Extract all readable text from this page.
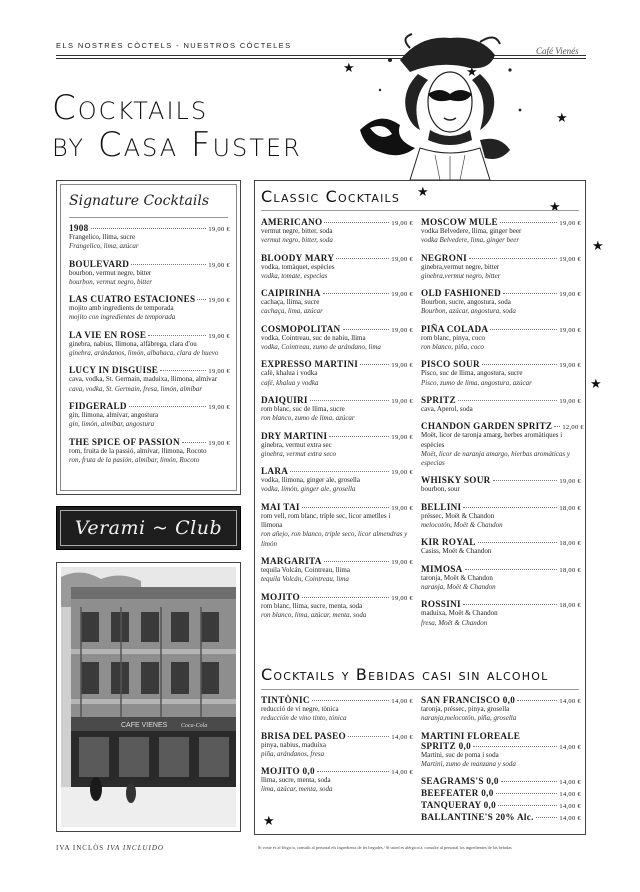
ELS NOSTRES CÒCTELS - NUESTROS CÓCTELES
Café Vienés
Cocktails
by Casa Fuster
★	★
★
★
★
★
★
★
Signature Cocktails
1908	19,00 €
Frangelico, llima, sucre
Frangelico, lima, azúcar
BOULEVARD	19,00 €
bourbon, vermut negre, bitter
bourbon, vermut negro, bitter
LAS CUATRO ESTACIONES 19,00 €
mojito amb ingredients de temporada
mojito con ingredientes de temporada
LA VIE EN ROSE	19,00 €
ginebra, nabius, llimona, alfàbrega, clara d'ou
ginebra, arándanos, limón, albahaca, clara de huevo
LUCY IN DISGUISE	19,00 €
cava, vodka, St. Germain, maduixa, llimona, almívar
cava, vodka, St. Germain, fresa, limón, almíbar
FIDGERALD	19,00 €
gin, llimona, almívar, angostura
gin, limón, almíbar, angostura
THE SPICE OF PASSION	19,00 €
rom, fruita de la passió, almívar, llimona, Rocoto
ron, fruta de la pasión, almíbar, limón, Rocoto
Verami ~ Club
CAFE VIENES Coca-Cola
Classic Cocktails
AMERICANO	19,00 €
vermut negre, bitter, soda
vermut negro, bitter, soda
BLOODY MARY	19,00 €
vodka, tomàquet, espècies
vodka, tomate, especias
CAIPIRINHA	19,00 €
cachaça, llima, sucre
cachaça, lima, azúcar
COSMOPOLITAN	19,00 €
vodka, Cointreau, suc de nabiu, llima
vodka, Cointreau, zumo de arándano, lima
EXPRESSO MARTINI	19,00 €
cafè, khalua i vodka
café, khalua y vodka
DAIQUIRI	19,00 €
rom blanc, suc de llima, sucre
ron blanco, zumo de lima, azúcar
DRY MARTINI	19,00 €
ginebra, vermut extra sec
ginebra, vermut extra seco
LARA	19,00 €
vodka, llimona, ginger ale, grosella
vodka, limón, ginger ale, grosella
MAI TAI	19,00 €
rom vell, rom blanc, triple sec, licor ametlles i llimona
ron añejo, ron blanco, triple seco, licor almendras y limón
MARGARITA	19,00 €
tequila Volcán, Cointreau, llima
tequila Volcán, Cointreau, lima
MOJITO	19,00 €
rom blanc, llima, sucre, menta, soda
ron blanco, lima, azúcar, menta, soda
MOSCOW MULE	19,00 €
vodka Belvedere, llima, ginger beer
vodka Belvedere, lima, ginger beer
NEGRONI	19,00 €
ginebra,vermut negre, bitter
ginebra,vermut negro, bitter
OLD FASHIONED	19,00 €
Bourbon, sucre, angostura, soda
Bourbon, azúcar, angostura, soda
PIÑA COLADA	19,00 €
rom blanc, pinya, coco
ron blanco, piña, coco
PISCO SOUR	19,00 €
Pisco, suc de llima, angostura, sucre
Pisco, zumo de lima, angostura, azúcar
SPRITZ	19,00 €
cava, Aperol, soda
CHANDON GARDEN SPRITZ 12,00 €
Moët, licor de taronja amarg, herbes aromàtiques i espècies
Moët, licor de naranja amargo, hierbas aromáticas y especias
WHISKY SOUR	19,00 €
bourbon, sour
BELLINI	18,00 €
préssec, Moët & Chandon
melocotón, Moët & Chandon
KIR ROYAL	18,00 €
Casiss, Moët & Chandon
MIMOSA	18,00 €
taronja, Moët & Chandon
naranja, Moët & Chandon
ROSSINI	18,00 €
maduixa, Moët & Chandon
fresa, Moët & Chandon
Cocktails y Bebidas casi sin alcohol
TINTÒNIC	14,00 €
reducció de vi negre, tònica
reducción de vino tinto, tónica
BRISA DEL PASEO	14,00 €
pinya, nabius, maduixa
piña, arándanos, fresa
MOJITO 0,0	14,00 €
llima, sucre, menta, soda
lima, azúcar, menta, soda
SAN FRANCISCO 0,0	14,00 €
taronja, préssec, pinya, grosella
naranja,melocotón, piña, grosella
MARTINI FLOREALE
SPRITZ 0,0	14,00 €
Martini, suc de poma i soda
Martini, zumo de manzana y soda
SEAGRAMS'S 0,0	14,00 €
BEEFEATER 0,0	14,00 €
TANQUERAY 0,0	14,00 €
BALLANTINE'S 20% Alc.	14,00 €
IVA INCLÒS IVA INCLUIDO	Si voste és al·lèrgic/a, consulti al personal els ingredients de les begudes / Si usted es alérgico/a, consulte al personal los ingredientes de las bebidas
